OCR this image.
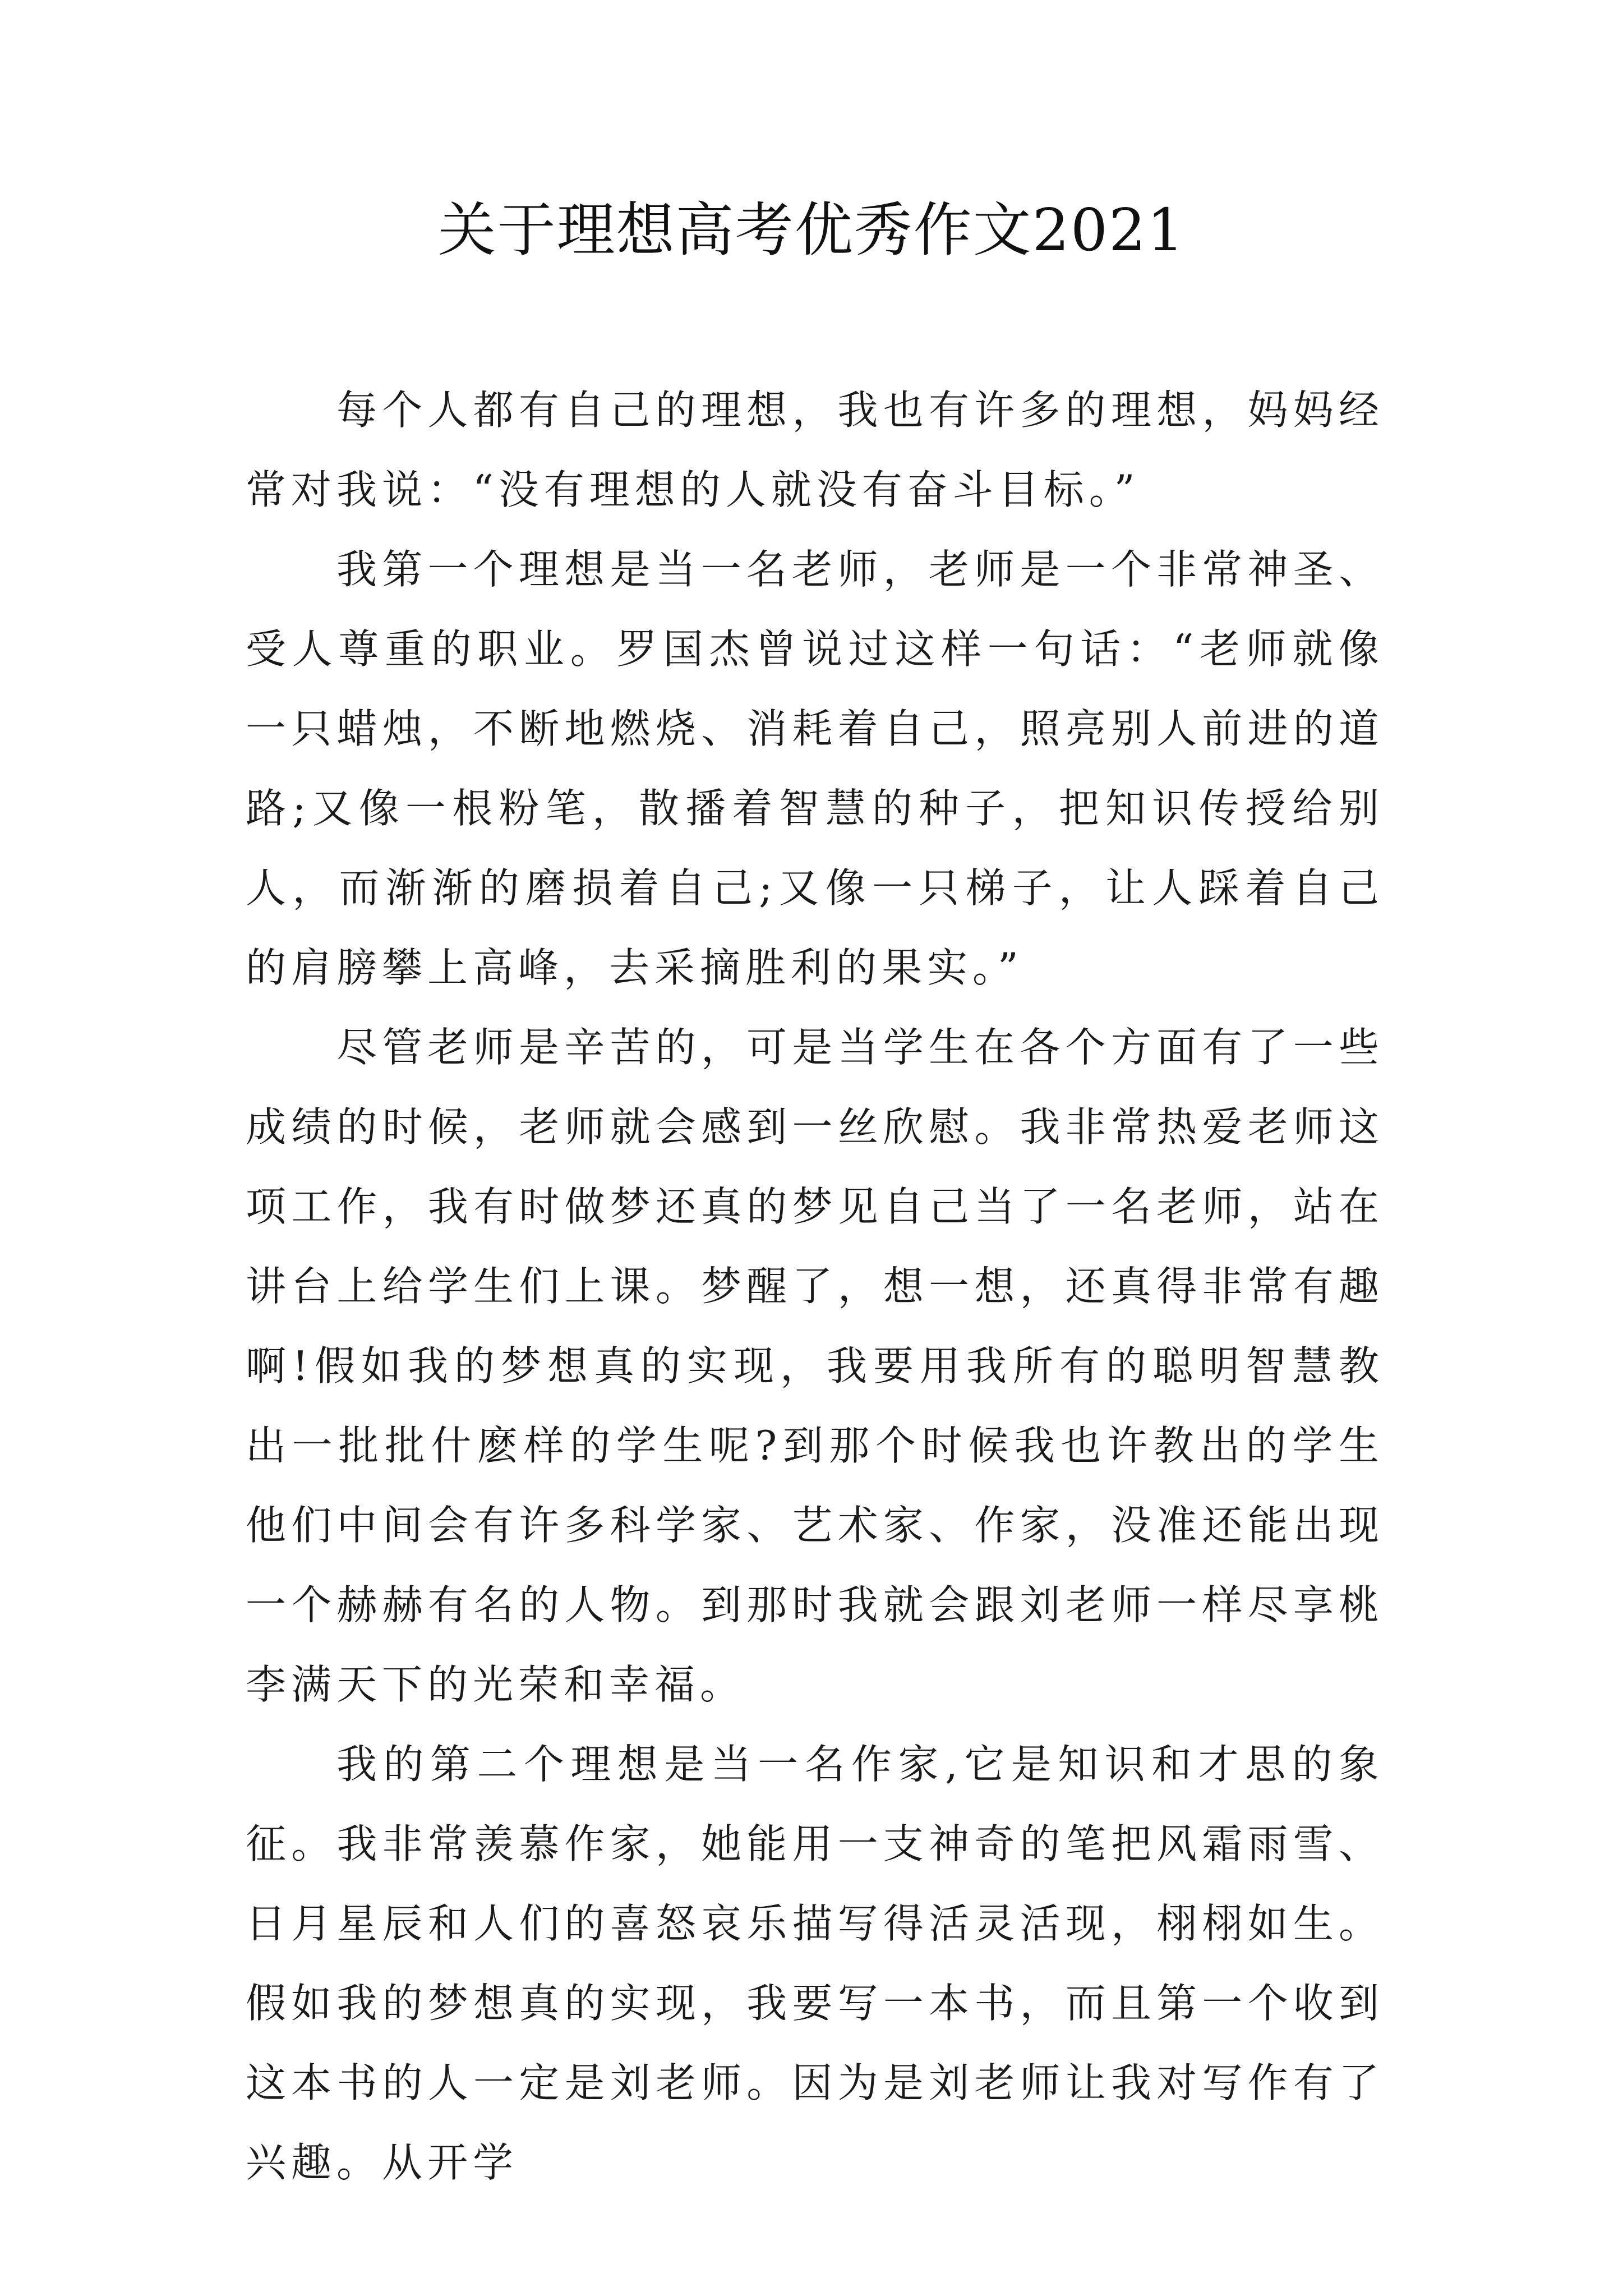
关于理想高考优秀作文2021

每个人都有自己的理想，我也有许多的理想，妈妈经常对我说：“没有理想的人就没有奋斗目标。”

我第一个理想是当一名老师，老师是一个非常神圣、受人尊重的职业。罗国杰曾说过这样一句话：“老师就像一只蜡烛，不断地燃烧、消耗着自己，照亮别人前进的道路;又像一根粉笔，散播着智慧的种子，把知识传授给别人，而渐渐的磨损着自己;又像一只梯子，让人踩着自己的肩膀攀上高峰，去采摘胜利的果实。”

尽管老师是辛苦的，可是当学生在各个方面有了一些成绩的时候，老师就会感到一丝欣慰。我非常热爱老师这项工作，我有时做梦还真的梦见自己当了一名老师，站在讲台上给学生们上课。梦醒了，想一想，还真得非常有趣啊!假如我的梦想真的实现，我要用我所有的聪明智慧教出一批批什麽样的学生呢?到那个时候我也许教出的学生他们中间会有许多科学家、艺术家、作家，没准还能出现一个赫赫有名的人物。到那时我就会跟刘老师一样尽享桃李满天下的光荣和幸福。

我的第二个理想是当一名作家,它是知识和才思的象征。我非常羡慕作家，她能用一支神奇的笔把风霜雨雪、日月星辰和人们的喜怒哀乐描写得活灵活现，栩栩如生。假如我的梦想真的实现，我要写一本书，而且第一个收到这本书的人一定是刘老师。因为是刘老师让我对写作有了兴趣。从开学
